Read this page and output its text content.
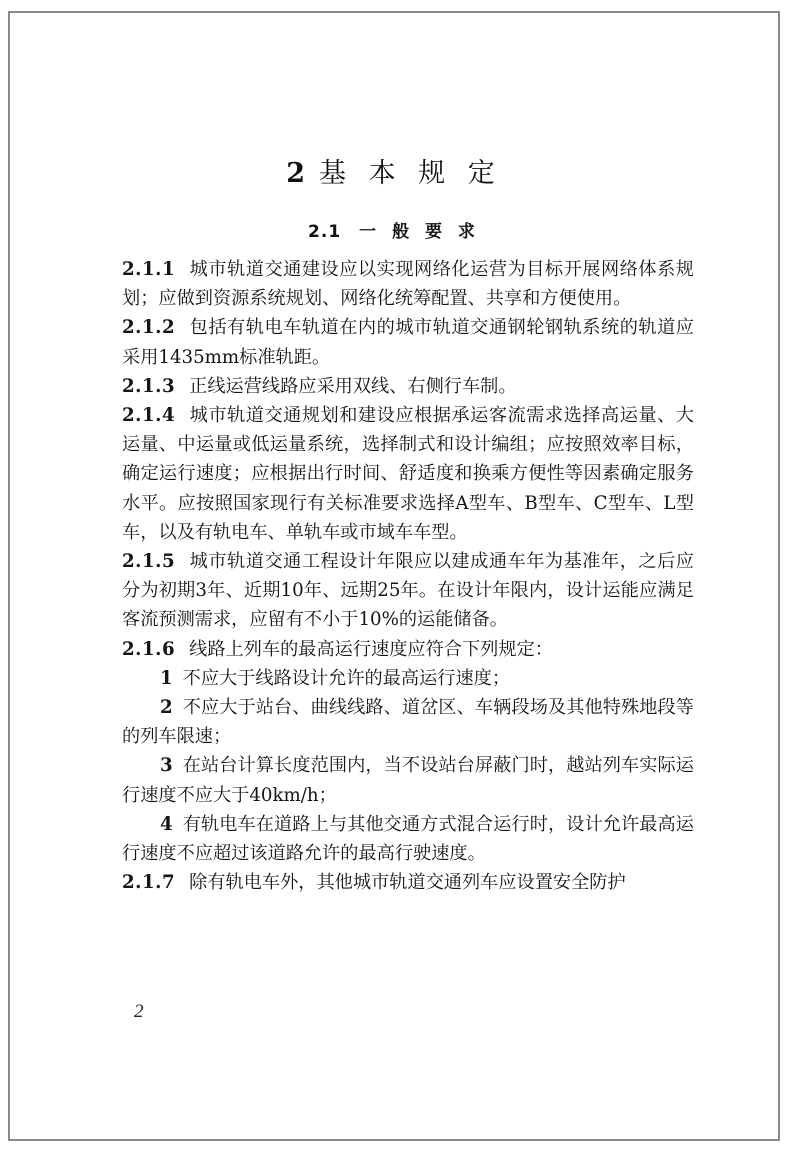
2 基 本 规 定
2.1 一 般 要 求

2.1.1 城市轨道交通建设应以实现网络化运营为目标开展网络体系规划；应做到资源系统规划、网络化统筹配置、共享和方便使用。

2.1.2 包括有轨电车轨道在内的城市轨道交通钢轮钢轨系统的轨道应采用1435mm标准轨距。

2.1.3 正线运营线路应采用双线、右侧行车制。

2.1.4 城市轨道交通规划和建设应根据承运客流需求选择高运量、大运量、中运量或低运量系统，选择制式和设计编组；应按照效率目标，确定运行速度；应根据出行时间、舒适度和换乘方便性等因素确定服务水平。应按照国家现行有关标准要求选择A型车、B型车、C型车、L型车，以及有轨电车、单轨车或市域车车型。

2.1.5 城市轨道交通工程设计年限应以建成通车年为基准年，之后应分为初期3年、近期10年、远期25年。在设计年限内，设计运能应满足客流预测需求，应留有不小于10%的运能储备。

2.1.6 线路上列车的最高运行速度应符合下列规定：

1 不应大于线路设计允许的最高运行速度；

2 不应大于站台、曲线线路、道岔区、车辆段场及其他特殊地段等的列车限速；

3 在站台计算长度范围内，当不设站台屏蔽门时，越站列车实际运行速度不应大于40km/h；

4 有轨电车在道路上与其他交通方式混合运行时，设计允许最高运行速度不应超过该道路允许的最高行驶速度。

2.1.7 除有轨电车外，其他城市轨道交通列车应设置安全防护

2
